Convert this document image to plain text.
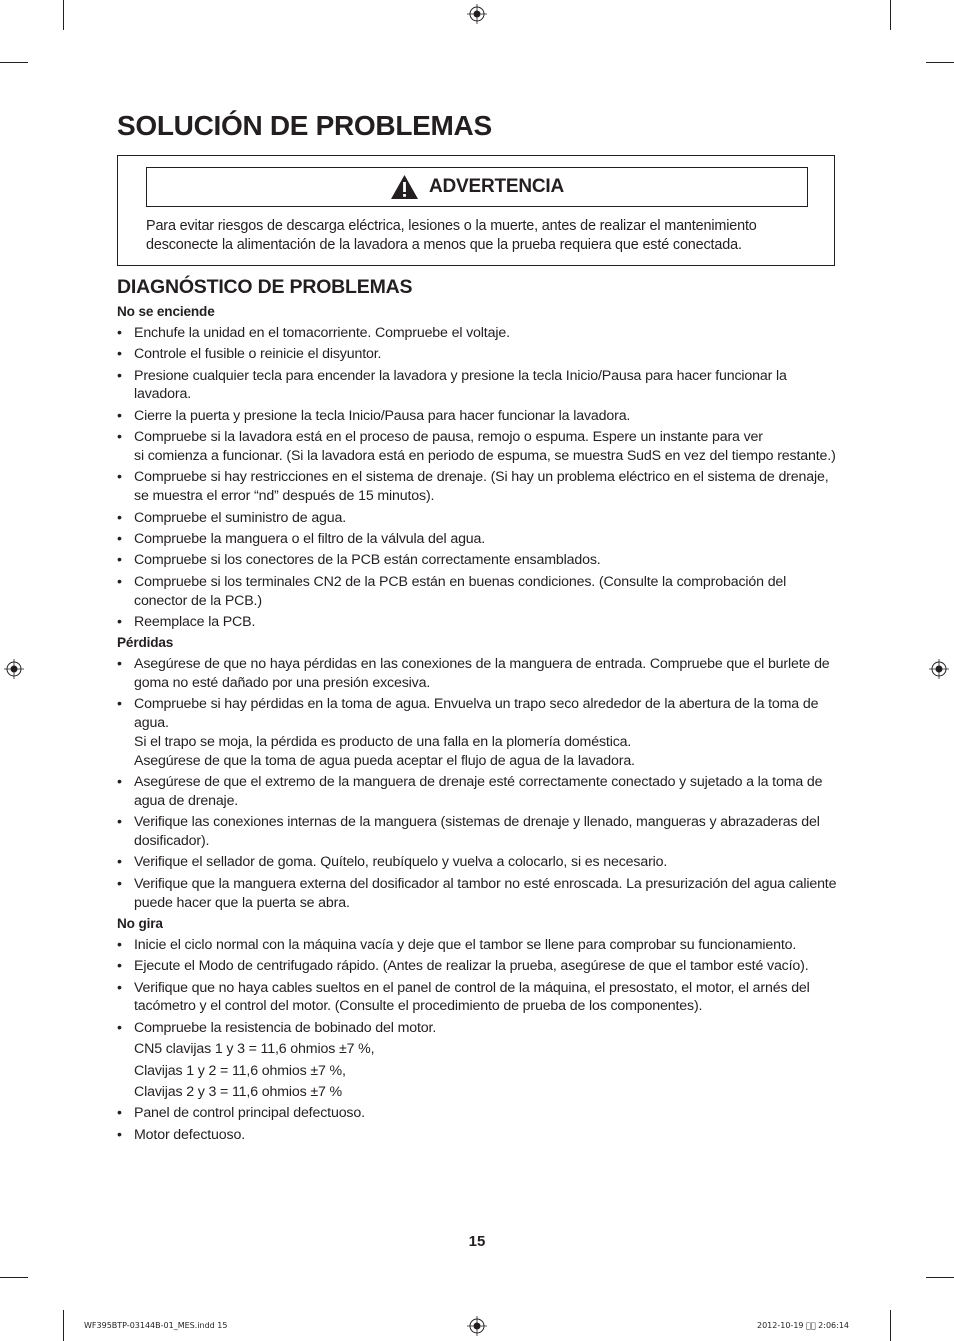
SOLUCIÓN DE PROBLEMAS
ADVERTENCIA
Para evitar riesgos de descarga eléctrica, lesiones o la muerte, antes de realizar el mantenimiento desconecte la alimentación de la lavadora a menos que la prueba requiera que esté conectada.
DIAGNÓSTICO DE PROBLEMAS
No se enciende
• Enchufe la unidad en el tomacorriente. Compruebe el voltaje.
• Controle el fusible o reinicie el disyuntor.
• Presione cualquier tecla para encender la lavadora y presione la tecla Inicio/Pausa para hacer funcionar la lavadora.
• Cierre la puerta y presione la tecla Inicio/Pausa para hacer funcionar la lavadora.
• Compruebe si la lavadora está en el proceso de pausa, remojo o espuma. Espere un instante para ver
si comienza a funcionar. (Si la lavadora está en periodo de espuma, se muestra SudS en vez del tiempo restante.)
• Compruebe si hay restricciones en el sistema de drenaje. (Si hay un problema eléctrico en el sistema de drenaje, se muestra el error “nd” después de 15 minutos).
• Compruebe el suministro de agua.
• Compruebe la manguera o el filtro de la válvula del agua.
• Compruebe si los conectores de la PCB están correctamente ensamblados.
• Compruebe si los terminales CN2 de la PCB están en buenas condiciones. (Consulte la comprobación del conector de la PCB.)
• Reemplace la PCB.
Pérdidas
• Asegúrese de que no haya pérdidas en las conexiones de la manguera de entrada. Compruebe que el burlete de goma no esté dañado por una presión excesiva.
• Compruebe si hay pérdidas en la toma de agua. Envuelva un trapo seco alrededor de la abertura de la toma de agua.
Si el trapo se moja, la pérdida es producto de una falla en la plomería doméstica.
Asegúrese de que la toma de agua pueda aceptar el flujo de agua de la lavadora.
• Asegúrese de que el extremo de la manguera de drenaje esté correctamente conectado y sujetado a la toma de agua de drenaje.
• Verifique las conexiones internas de la manguera (sistemas de drenaje y llenado, mangueras y abrazaderas del dosificador).
• Verifique el sellador de goma. Quítelo, reubíquelo y vuelva a colocarlo, si es necesario.
• Verifique que la manguera externa del dosificador al tambor no esté enroscada. La presurización del agua caliente puede hacer que la puerta se abra.
No gira
• Inicie el ciclo normal con la máquina vacía y deje que el tambor se llene para comprobar su funcionamiento.
• Ejecute el Modo de centrifugado rápido. (Antes de realizar la prueba, asegúrese de que el tambor esté vacío).
• Verifique que no haya cables sueltos en el panel de control de la máquina, el presostato, el motor, el arnés del tacómetro y el control del motor. (Consulte el procedimiento de prueba de los componentes).
• Compruebe la resistencia de bobinado del motor.
CN5 clavijas 1 y 3 = 11,6 ohmios ±7 %,
Clavijas 1 y 2 = 11,6 ohmios ±7 %,
Clavijas 2 y 3 = 11,6 ohmios ±7 %
• Panel de control principal defectuoso.
• Motor defectuoso.
15
WF395BTP-03144B-01_MES.indd 15	2012-10-19 ￿￿ 2:06:14
